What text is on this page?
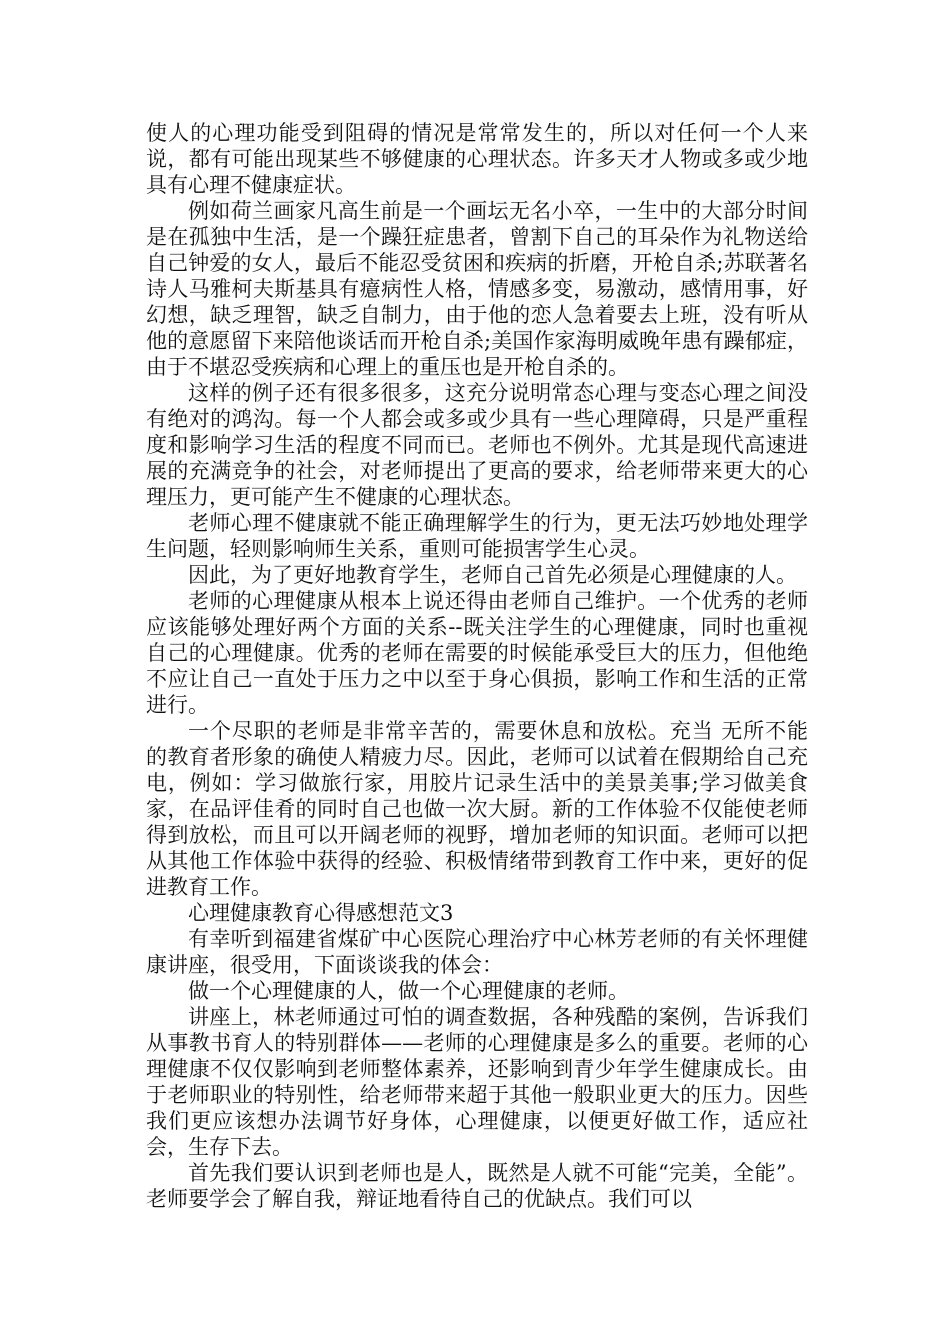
使人的心理功能受到阻碍的情况是常常发生的，所以对任何一个人来说，都有可能出现某些不够健康的心理状态。许多天才人物或多或少地具有心理不健康症状。

例如荷兰画家凡高生前是一个画坛无名小卒，一生中的大部分时间是在孤独中生活，是一个躁狂症患者，曾割下自己的耳朵作为礼物送给自己钟爱的女人，最后不能忍受贫困和疾病的折磨，开枪自杀;苏联著名诗人马雅柯夫斯基具有癔病性人格，情感多变，易激动，感情用事，好幻想，缺乏理智，缺乏自制力，由于他的恋人急着要去上班，没有听从他的意愿留下来陪他谈话而开枪自杀;美国作家海明威晚年患有躁郁症，由于不堪忍受疾病和心理上的重压也是开枪自杀的。

这样的例子还有很多很多，这充分说明常态心理与变态心理之间没有绝对的鸿沟。每一个人都会或多或少具有一些心理障碍，只是严重程度和影响学习生活的程度不同而已。老师也不例外。尤其是现代高速进展的充满竞争的社会，对老师提出了更高的要求，给老师带来更大的心理压力，更可能产生不健康的心理状态。

老师心理不健康就不能正确理解学生的行为，更无法巧妙地处理学生问题，轻则影响师生关系，重则可能损害学生心灵。

因此，为了更好地教育学生，老师自己首先必须是心理健康的人。

老师的心理健康从根本上说还得由老师自己维护。一个优秀的老师应该能够处理好两个方面的关系--既关注学生的心理健康，同时也重视自己的心理健康。优秀的老师在需要的时候能承受巨大的压力，但他绝不应让自己一直处于压力之中以至于身心俱损，影响工作和生活的正常进行。

一个尽职的老师是非常辛苦的，需要休息和放松。充当 无所不能 的教育者形象的确使人精疲力尽。因此，老师可以试着在假期给自己充电，例如：学习做旅行家，用胶片记录生活中的美景美事;学习做美食家，在品评佳肴的同时自己也做一次大厨。新的工作体验不仅能使老师得到放松，而且可以开阔老师的视野，增加老师的知识面。老师可以把从其他工作体验中获得的经验、积极情绪带到教育工作中来，更好的促进教育工作。

心理健康教育心得感想范文3

有幸听到福建省煤矿中心医院心理治疗中心林芳老师的有关怀理健康讲座，很受用，下面谈谈我的体会：

做一个心理健康的人，做一个心理健康的老师。

讲座上，林老师通过可怕的调查数据，各种残酷的案例，告诉我们从事教书育人的特别群体——老师的心理健康是多么的重要。老师的心理健康不仅仅影响到老师整体素养，还影响到青少年学生健康成长。由于老师职业的特别性，给老师带来超于其他一般职业更大的压力。因些我们更应该想办法调节好身体，心理健康，以便更好做工作，适应社会，生存下去。

首先我们要认识到老师也是人，既然是人就不可能“完美，全能”。老师要学会了解自我，辩证地看待自己的优缺点。我们可以
